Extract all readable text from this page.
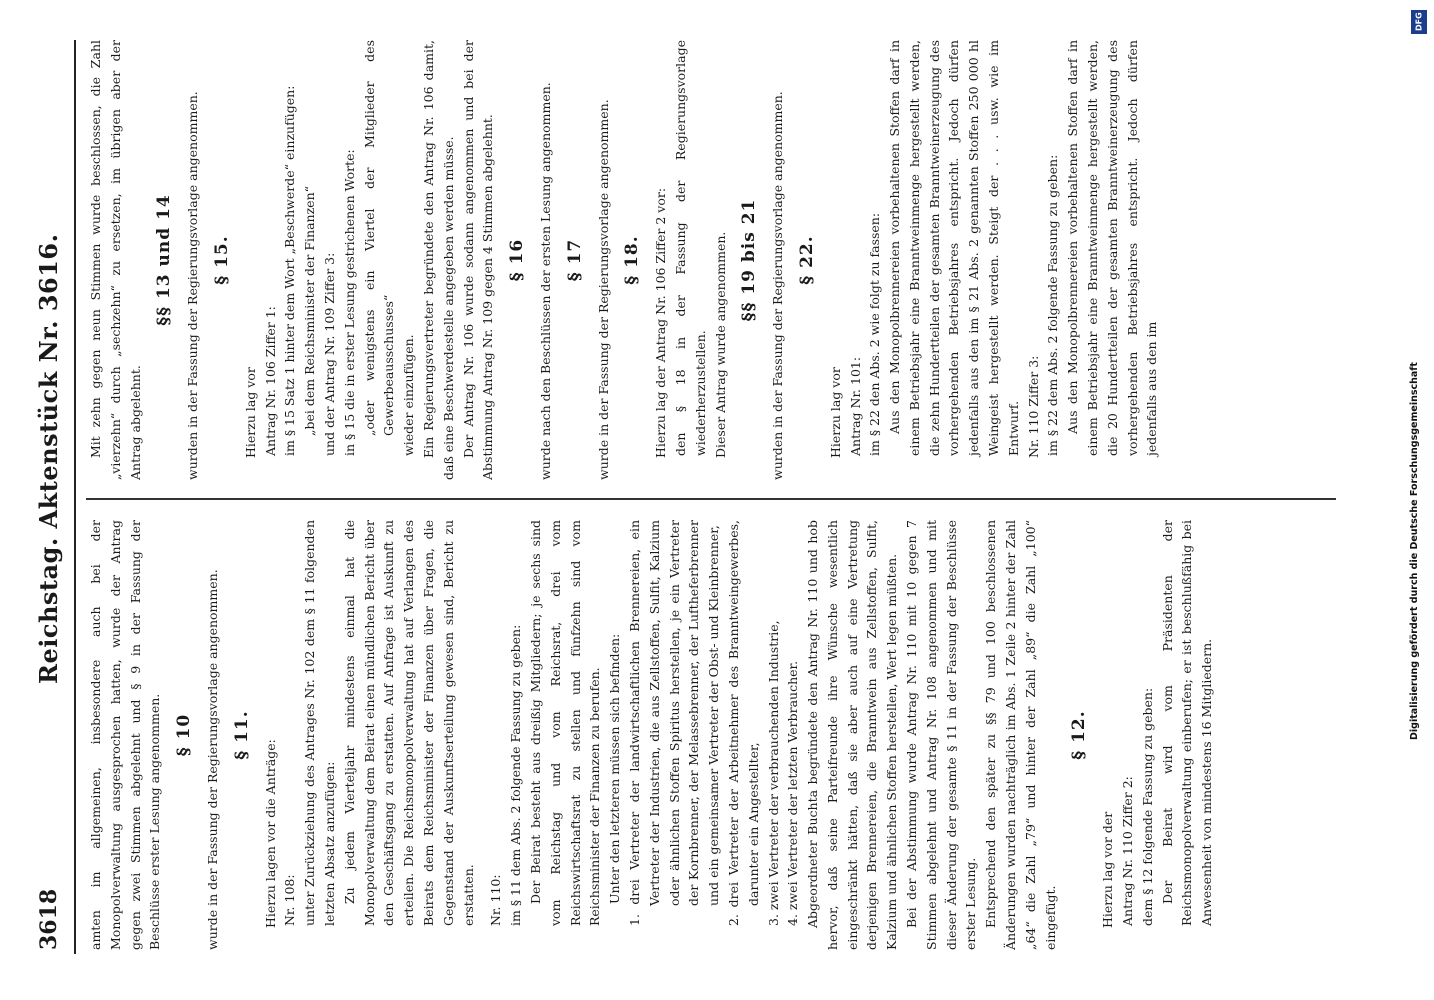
3618
Reichstag. Aktenstück Nr. 3616.

amten im allgemeinen, insbesondere auch bei der Monopolverwaltung ausgesprochen hatten, wurde der Antrag gegen zwei Stimmen abgelehnt und § 9 in der Fassung der Beschlüsse erster Lesung angenommen. § 10 wurde in der Fassung der Regierungsvorlage angenommen. § 11.

Hierzu lagen vor die Anträge: Nr. 108: unter Zurückziehung des Antrages Nr. 102 dem § 11 folgenden letzten Absatz anzufügen: Zu jedem Vierteljahr mindestens einmal hat die Monopolverwaltung dem Beirat einen mündlichen Bericht über den Geschäftsgang zu erstatten. Auf Anfrage ist Auskunft zu erteilen. Die Reichsmonopolverwaltung hat auf Verlangen des Beirats dem Reichsminister der Finanzen über Fragen, die Gegenstand der Auskunftserteilung gewesen sind, Bericht zu erstatten. Nr. 110: im § 11 dem Abs. 2 folgende Fassung zu geben: Der Beirat besteht aus dreißig Mitgliedern; je sechs sind vom Reichstag und vom Reichsrat, drei vom Reichswirtschaftsrat zu stellen und fünfzehn sind vom Reichsminister der Finanzen zu berufen. Unter den letzteren müssen sich befinden: 1. drei Vertreter der landwirtschaftlichen Brennereien, ein Vertreter der Industrien, die aus Zellstoffen, Sulfit, Kalzium oder ähnlichen Stoffen Spiritus herstellen, je ein Vertreter der Kornbrenner, der Melassebrenner, der Luftheferbrenner und ein gemeinsamer Vertreter der Obst- und Kleinbrenner, 2. drei Vertreter der Arbeitnehmer des Branntweingewerbes, darunter ein Angestellter, 3. zwei Vertreter der verbrauchenden Industrie, 4. zwei Vertreter der letzten Verbraucher. Abgeordneter Buchta begründete den Antrag Nr. 110 und hob hervor, daß seine Parteifreunde ihre Wünsche wesentlich eingeschränkt hätten, daß sie aber auch auf eine Vertretung derjenigen Brennereien, die Branntwein aus Zellstoffen, Sulfit, Kalzium und ähnlichen Stoffen herstellen, Wert legen müßten. Bei der Abstimmung wurde Antrag Nr. 110 mit 10 gegen 7 Stimmen abgelehnt und Antrag Nr. 108 angenommen und mit dieser Änderung der gesamte § 11 in der Fassung der Beschlüsse erster Lesung. Entsprechend den später zu §§ 79 und 100 beschlossenen Änderungen wurden nachträglich im Abs. 1 Zeile 2 hinter der Zahl „64“ die Zahl „79“ und hinter der Zahl „89“ die Zahl „100“ eingefügt.

§ 12.

Hierzu lag vor der Antrag Nr. 110 Ziffer 2: dem § 12 folgende Fassung zu geben: Der Beirat wird vom Präsidenten der Reichsmonopolverwaltung einberufen; er ist beschlußfähig bei Anwesenheit von mindestens 16 Mitgliedern.

Mit zehn gegen neun Stimmen wurde beschlossen, die Zahl „vierzehn“ durch „sechzehn“ zu ersetzen, im übrigen aber der Antrag abgelehnt.

§§ 13 und 14 wurden in der Fassung der Regierungsvorlage angenommen. § 15.

Hierzu lag vor Antrag Nr. 106 Ziffer 1: im § 15 Satz 1 hinter dem Wort „Beschwerde“ einzufügen: „bei dem Reichsminister der Finanzen“ und der Antrag Nr. 109 Ziffer 3: in § 15 die in erster Lesung gestrichenen Worte: „oder wenigstens ein Viertel der Mitglieder des Gewerbeausschusses“ wieder einzufügen. Ein Regierungsvertreter begründete den Antrag Nr. 106 damit, daß eine Beschwerdestelle angegeben werden müsse. Der Antrag Nr. 106 wurde sodann angenommen und bei der Abstimmung Antrag Nr. 109 gegen 4 Stimmen abgelehnt. § 16 wurde nach den Beschlüssen der ersten Lesung angenommen. § 17 wurde in der Fassung der Regierungsvorlage angenommen. § 18. Hierzu lag der Antrag Nr. 106 Ziffer 2 vor: den § 18 in der Fassung der Regierungsvorlage wiederherzustellen. Dieser Antrag wurde angenommen. §§ 19 bis 21 wurden in der Fassung der Regierungsvorlage angenommen. § 22.

Hierzu lag vor Antrag Nr. 101: im § 22 den Abs. 2 wie folgt zu fassen: Aus den Monopolbrennereien vorbehaltenen Stoffen darf in einem Betriebsjahr eine Branntweinmenge hergestellt werden, die zehn Hundertteilen der gesamten Branntweinerzeugung des vorhergehenden Betriebsjahres entspricht. Jedoch dürfen jedenfalls aus den im § 21 Abs. 2 genannten Stoffen 250 000 hl Weingeist hergestellt werden. Steigt der . . . usw. wie im Entwurf. Nr. 110 Ziffer 3: im § 22 dem Abs. 2 folgende Fassung zu geben: Aus den Monopolbrennereien vorbehaltenen Stoffen darf in einem Betriebsjahr eine Branntweinmenge hergestellt werden, die 20 Hundertteilen der gesamten Branntweinerzeugung des vorhergehenden Betriebsjahres entspricht. Jedoch dürfen jedenfalls aus den im

DFG
Digitalisierung gefördert durch die Deutsche Forschungsgemeinschaft
